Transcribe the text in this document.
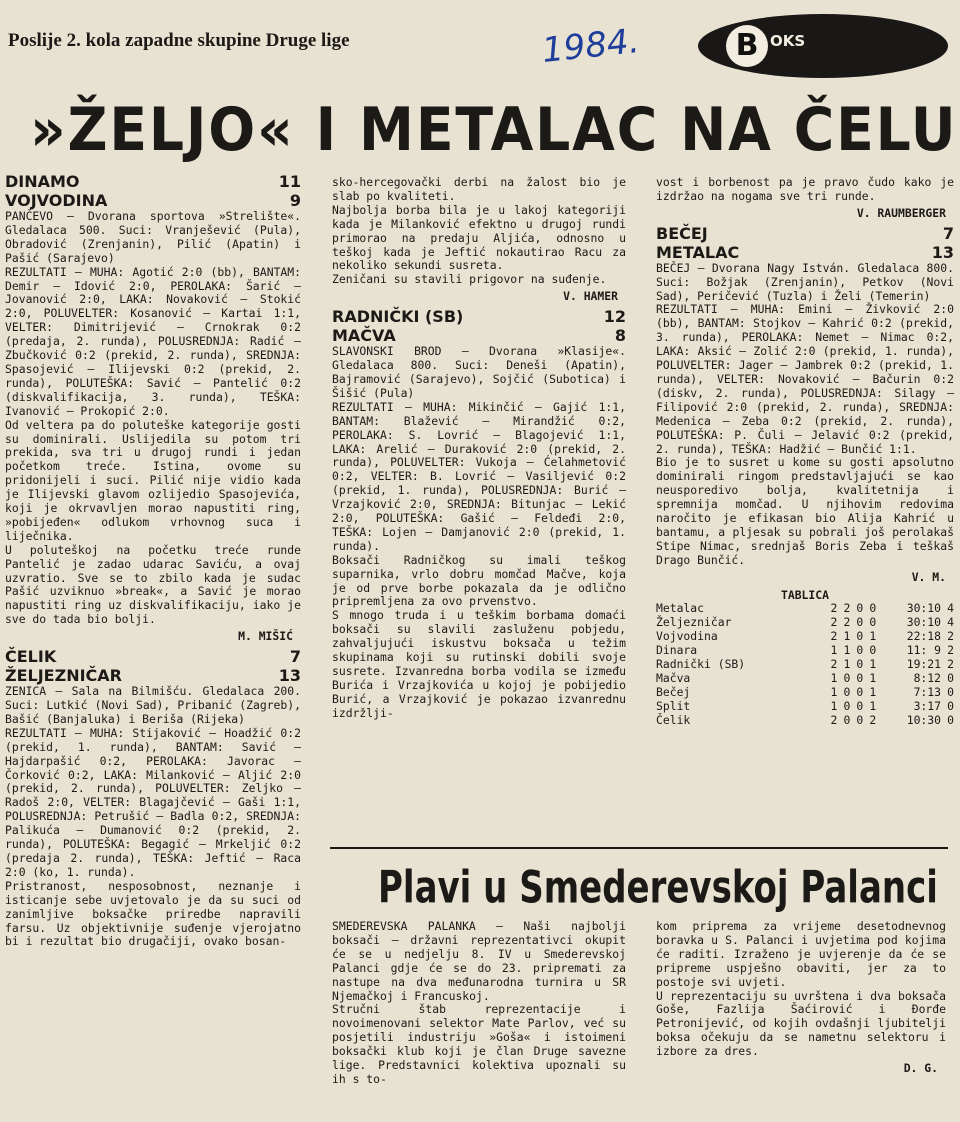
Poslije 2. kola zapadne skupine Druge lige	1984.	B OKS
»ŽELJO« I METALAC NA ČELU
DINAMO	11
VOJVODINA	9

PANČEVO — Dvorana sportova »Strelište«. Gledalaca 500. Suci: Vranješević (Pula), Obradović (Zrenjanin), Pilić (Apatin) i Pašić (Sarajevo)

REZULTATI — MUHA: Agotić 2:0 (bb), BANTAM: Demir — Idović 2:0, PEROLAKA: Šarić — Jovanović 2:0, LAKA: Novaković — Stokić 2:0, POLUVELTER: Kosanović — Kartai 1:1, VELTER: Dimitrijević — Crnokrak 0:2 (predaja, 2. runda), POLUSREDNJA: Radić — Zbučković 0:2 (prekid, 2. runda), SREDNJA: Spasojević — Ilijevski 0:2 (prekid, 2. runda), POLUTEŠKA: Savić — Pantelić 0:2 (diskvalifikacija, 3. runda), TEŠKA: Ivanović — Prokopić 2:0.

Od veltera pa do poluteške kategorije gosti su dominirali. Uslijedila su potom tri prekida, sva tri u drugoj rundi i jedan početkom treće. Istina, ovome su pridonijeli i suci. Pilić nije vidio kada je Ilijevski glavom ozlijedio Spasojevića, koji je okrvavljen morao napustiti ring, »pobijeđen« odlukom vrhovnog suca i liječnika.

U poluteškoj na početku treće runde Pantelić je zadao udarac Saviću, a ovaj uzvratio. Sve se to zbilo kada je sudac Pašić uzviknuo »break«, a Savić je morao napustiti ring uz diskvalifikaciju, iako je sve do tada bio bolji.

M. MIŠIĆ
ČELIK	7
ŽELJEZNIČAR	13

ZENICA — Sala na Bilmišću. Gledalaca 200. Suci: Lutkić (Novi Sad), Pribanić (Zagreb), Bašić (Banjaluka) i Beriša (Rijeka)

REZULTATI — MUHA: Stijaković — Hoadžić 0:2 (prekid, 1. runda), BANTAM: Savić — Hajdarpašić 0:2, PEROLAKA: Javorac — Čorković 0:2, LAKA: Milanković — Aljić 2:0 (prekid, 2. runda), POLUVELTER: Zeljko — Radoš 2:0, VELTER: Blagajčević — Gaši 1:1, POLUSREDNJA: Petrušić — Badla 0:2, SREDNJA: Palikuća — Dumanović 0:2 (prekid, 2. runda), POLUTEŠKA: Begagić — Mrkeljić 0:2 (predaja 2. runda), TEŠKA: Jeftić — Raca 2:0 (ko, 1. runda).

Pristranost, nesposobnost, neznanje i isticanje sebe uvjetovalo je da su suci od zanimljive boksačke priredbe napravili farsu. Uz objektivnije suđenje vjerojatno bi i rezultat bio drugačiji, ovako bosan-

sko-hercegovački derbi na žalost bio je slab po kvaliteti.

Najbolja borba bila je u lakoj kategoriji kada je Milanković efektno u drugoj rundi primorao na predaju Aljića, odnosno u teškoj kada je Jeftić nokautirao Racu za nekoliko sekundi susreta.

Zeničani su stavili prigovor na suđenje.

V. HAMER
RADNIČKI (SB)	12
MAČVA	8

SLAVONSKI BROD — Dvorana »Klasije«. Gledalaca 800. Suci: Deneši (Apatin), Bajramović (Sarajevo), Sojčić (Subotica) i Šišić (Pula)

REZULTATI — MUHA: Mikinčić — Gajić 1:1, BANTAM: Blažević — Mirandžić 0:2, PEROLAKA: S. Lovrić — Blagojević 1:1, LAKA: Arelić — Duraković 2:0 (prekid, 2. runda), POLUVELTER: Vukoja — Ćelahmetović 0:2, VELTER: B. Lovrić — Vasiljević 0:2 (prekid, 1. runda), POLUSREDNJA: Burić — Vrzajković 2:0, SREDNJA: Bitunjac — Lekić 2:0, POLUTEŠKA: Gašić — Feldeđi 2:0, TEŠKA: Lojen — Damjanović 2:0 (prekid, 1. runda).

Boksači Radničkog su imali teškog suparnika, vrlo dobru momčad Mačve, koja je od prve borbe pokazala da je odlično pripremljena za ovo prvenstvo.

S mnogo truda i u teškim borbama domaći boksači su slavili zasluženu pobjedu, zahvaljujući iskustvu boksača u težim skupinama koji su rutinski dobili svoje susrete. Izvanredna borba vodila se između Burića i Vrzajkovića u kojoj je pobijedio Burić, a Vrzajković je pokazao izvanrednu izdržlji-

vost i borbenost pa je pravo čudo kako je izdržao na nogama sve tri runde.

V. RAUMBERGER
BEČEJ	7
METALAC	13

BEČEJ — Dvorana Nagy István. Gledalaca 800. Suci: Božjak (Zrenjanin), Petkov (Novi Sad), Peričević (Tuzla) i Želi (Temerin)

REZULTATI — MUHA: Emini — Živković 2:0 (bb), BANTAM: Stojkov — Kahrić 0:2 (prekid, 3. runda), PEROLAKA: Nemet — Nimac 0:2, LAKA: Aksić — Zolić 2:0 (prekid, 1. runda), POLUVELTER: Jager — Jambrek 0:2 (prekid, 1. runda), VELTER: Novaković — Bačurin 0:2 (diskv, 2. runda), POLUSREDNJA: Silagy — Filipović 2:0 (prekid, 2. runda), SREDNJA: Medenica — Zeba 0:2 (prekid, 2. runda), POLUTEŠKA: P. Čuli — Jelavić 0:2 (prekid, 2. runda), TEŠKA: Hadžić — Bunčić 1:1.

Bio je to susret u kome su gosti apsolutno dominirali ringom predstavljajući se kao neusporedivo bolja, kvalitetnija i spremnija momčad. U njihovim redovima naročito je efikasan bio Alija Kahrić u bantamu, a pljesak su pobrali još perolakaš Stipe Nimac, srednjaš Boris Zeba i teškaš Drago Bunčić.

V. M.
TABLICA
Metalac	2	2	0	0	30:10	4
Željezničar	2	2	0	0	30:10	4
Vojvodina	2	1	0	1	22:18	2
Dinara	1	1	0	0	11: 9	2
Radnički (SB)	2	1	0	1	19:21	2
Mačva	1	0	0	1	8:12	0
Bečej	1	0	0	1	7:13	0
Split	1	0	0	1	3:17	0
Čelik	2	0	0	2	10:30	0
Plavi u Smederevskoj Palanci

SMEDEREVSKA PALANKA — Naši najbolji boksači — državni reprezentativci okupit će se u nedjelju 8. IV u Smederevskoj Palanci gdje će se do 23. pripremati za nastupe na dva međunarodna turnira u SR Njemačkoj i Francuskoj.

Stručni štab reprezentacije i novoimenovani selektor Mate Parlov, već su posjetili industriju »Goša« i istoimeni boksački klub koji je član Druge savezne lige. Predstavnici kolektiva upoznali su ih s to-

kom priprema za vrijeme desetodnevnog boravka u S. Palanci i uvjetima pod kojima će raditi. Izraženo je uvjerenje da će se pripreme uspješno obaviti, jer za to postoje svi uvjeti.

U reprezentaciju su uvrštena i dva boksača Goše, Fazlija Šaćirović i Đorđe Petronijević, od kojih ovdašnji ljubitelji boksa očekuju da se nametnu selektoru i izbore za dres.

D. G.
